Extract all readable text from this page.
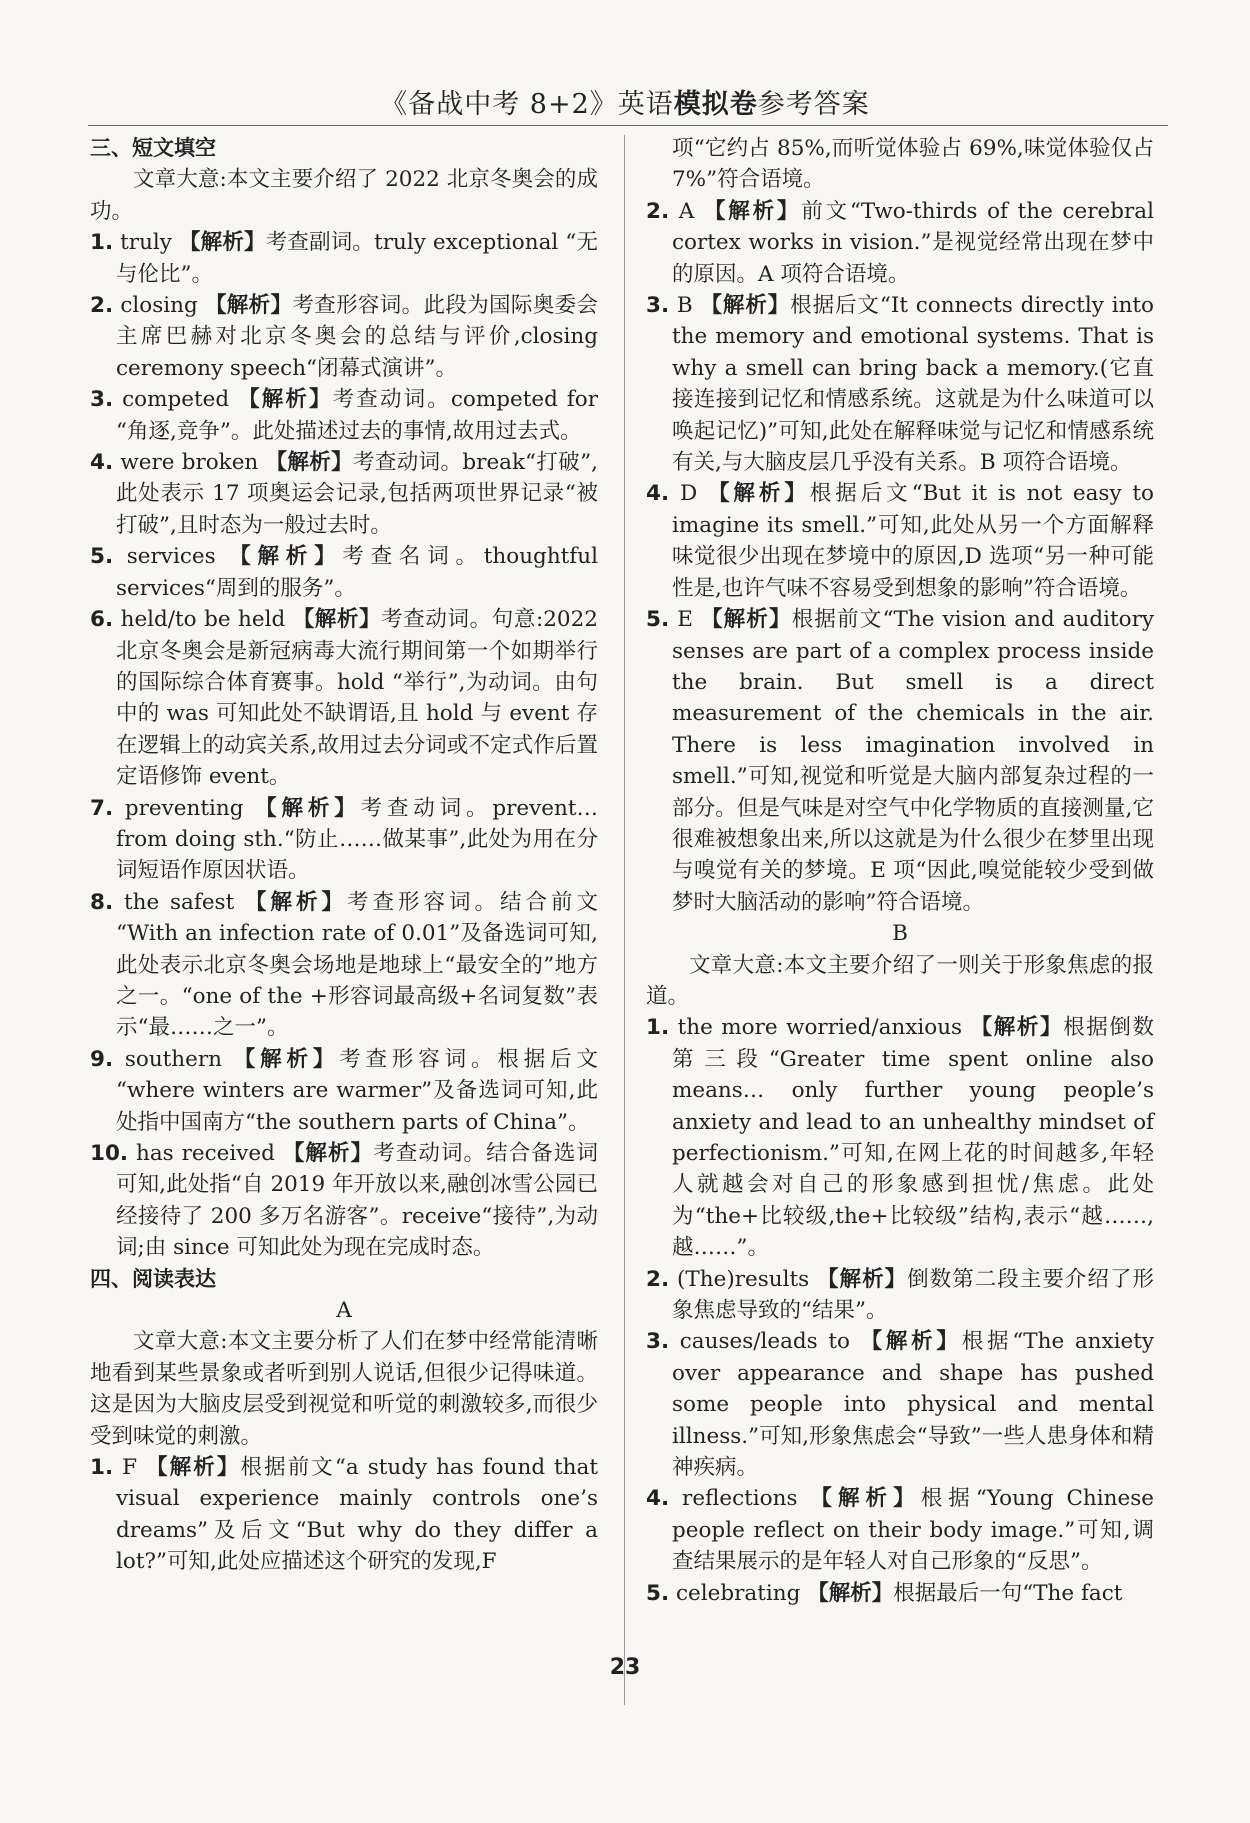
《备战中考 8+2》英语模拟卷参考答案
三、短文填空
文章大意:本文主要介绍了 2022 北京冬奥会的成功。
1. truly 【解析】考查副词。truly exceptional “无与伦比”。
2. closing 【解析】考查形容词。此段为国际奥委会主席巴赫对北京冬奥会的总结与评价,closing ceremony speech“闭幕式演讲”。
3. competed 【解析】考查动词。competed for “角逐,竞争”。此处描述过去的事情,故用过去式。
4. were broken 【解析】考查动词。break“打破”,此处表示 17 项奥运会记录,包括两项世界记录“被打破”,且时态为一般过去时。
5. services 【解析】考查名词。thoughtful services“周到的服务”。
6. held/to be held 【解析】考查动词。句意:2022 北京冬奥会是新冠病毒大流行期间第一个如期举行的国际综合体育赛事。hold “举行”,为动词。由句中的 was 可知此处不缺谓语,且 hold 与 event 存在逻辑上的动宾关系,故用过去分词或不定式作后置定语修饰 event。
7. preventing 【解析】考查动词。prevent… from doing sth.“防止……做某事”,此处为用在分词短语作原因状语。
8. the safest 【解析】考查形容词。结合前文 “With an infection rate of 0.01”及备选词可知,此处表示北京冬奥会场地是地球上“最安全的”地方之一。“one of the +形容词最高级+名词复数”表示“最……之一”。
9. southern 【解析】考查形容词。根据后文 “where winters are warmer”及备选词可知,此处指中国南方“the southern parts of China”。
10. has received 【解析】考查动词。结合备选词可知,此处指“自 2019 年开放以来,融创冰雪公园已经接待了 200 多万名游客”。receive“接待”,为动词;由 since 可知此处为现在完成时态。
四、阅读表达
A
文章大意:本文主要分析了人们在梦中经常能清晰地看到某些景象或者听到别人说话,但很少记得味道。这是因为大脑皮层受到视觉和听觉的刺激较多,而很少受到味觉的刺激。
1. F 【解析】根据前文“a study has found that visual experience mainly controls one’s dreams”及后文“But why do they differ a lot?”可知,此处应描述这个研究的发现,F
项“它约占 85%,而听觉体验占 69%,味觉体验仅占 7%”符合语境。
2. A 【解析】前文“Two-thirds of the cerebral cortex works in vision.”是视觉经常出现在梦中的原因。A 项符合语境。
3. B 【解析】根据后文“It connects directly into the memory and emotional systems. That is why a smell can bring back a memory.(它直接连接到记忆和情感系统。这就是为什么味道可以唤起记忆)”可知,此处在解释味觉与记忆和情感系统有关,与大脑皮层几乎没有关系。B 项符合语境。
4. D 【解析】根据后文“But it is not easy to imagine its smell.”可知,此处从另一个方面解释味觉很少出现在梦境中的原因,D 选项“另一种可能性是,也许气味不容易受到想象的影响”符合语境。
5. E 【解析】根据前文“The vision and auditory senses are part of a complex process inside the brain. But smell is a direct measurement of the chemicals in the air. There is less imagination involved in smell.”可知,视觉和听觉是大脑内部复杂过程的一部分。但是气味是对空气中化学物质的直接测量,它很难被想象出来,所以这就是为什么很少在梦里出现与嗅觉有关的梦境。E 项“因此,嗅觉能较少受到做梦时大脑活动的影响”符合语境。
B
文章大意:本文主要介绍了一则关于形象焦虑的报道。
1. the more worried/anxious 【解析】根据倒数第三段“Greater time spent online also means… only further young people’s anxiety and lead to an unhealthy mindset of perfectionism.”可知,在网上花的时间越多,年轻人就越会对自己的形象感到担忧/焦虑。此处为“the+比较级,the+比较级”结构,表示“越……,越……”。
2. (The)results 【解析】倒数第二段主要介绍了形象焦虑导致的“结果”。
3. causes/leads to 【解析】根据“The anxiety over appearance and shape has pushed some people into physical and mental illness.”可知,形象焦虑会“导致”一些人患身体和精神疾病。
4. reflections 【解析】根据“Young Chinese people reflect on their body image.”可知,调查结果展示的是年轻人对自己形象的“反思”。
5. celebrating 【解析】根据最后一句“The fact
23
